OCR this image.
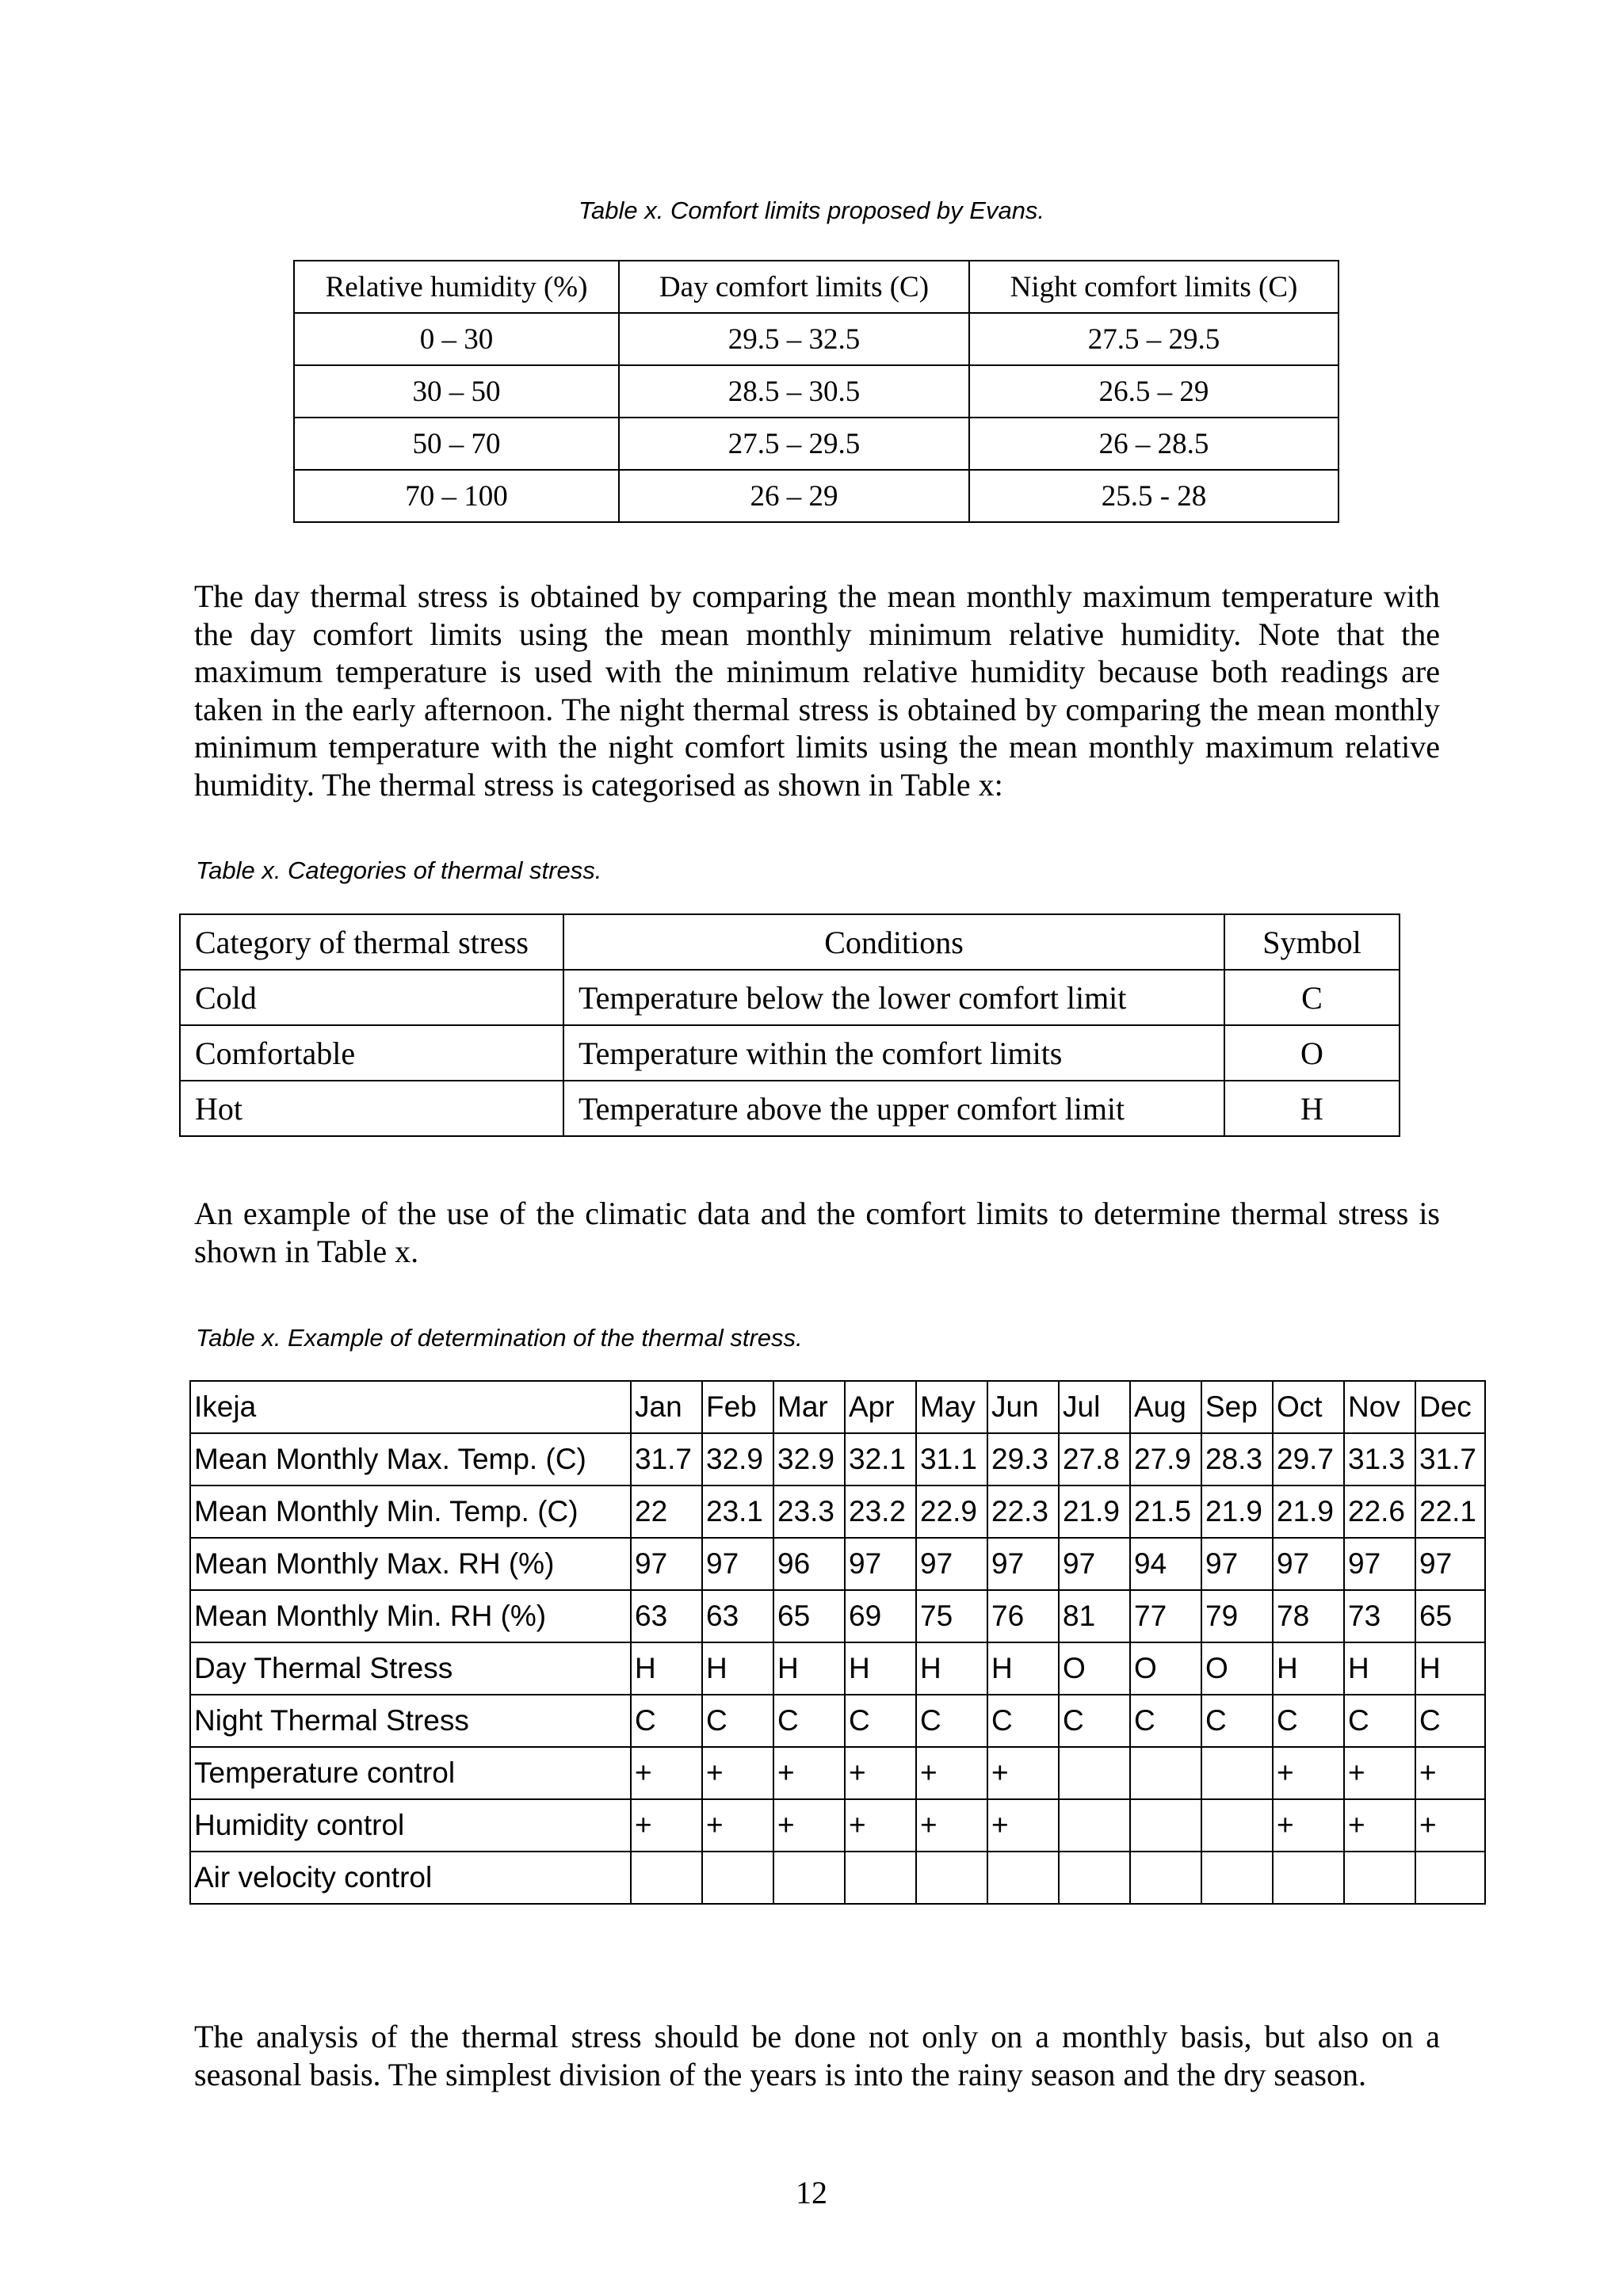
Table x. Comfort limits proposed by Evans.
Relative humidity (%)	Day comfort limits (C)	Night comfort limits (C)
0 – 30	29.5 – 32.5	27.5 – 29.5
30 – 50	28.5 – 30.5	26.5 – 29
50 – 70	27.5 – 29.5	26 – 28.5
70 – 100	26 – 29	25.5 - 28

The day thermal stress is obtained by comparing the mean monthly maximum temperature with the day comfort limits using the mean monthly minimum relative humidity. Note that the maximum temperature is used with the minimum relative humidity because both readings are taken in the early afternoon. The night thermal stress is obtained by comparing the mean monthly minimum temperature with the night comfort limits using the mean monthly maximum relative humidity. The thermal stress is categorised as shown in Table x:

Table x. Categories of thermal stress.
Category of thermal stress	Conditions	Symbol
Cold	Temperature below the lower comfort limit	C
Comfortable	Temperature within the comfort limits	O
Hot	Temperature above the upper comfort limit	H

An example of the use of the climatic data and the comfort limits to determine thermal stress is shown in Table x.

Table x. Example of determination of the thermal stress.
Ikeja	Jan	Feb	Mar	Apr	May	Jun	Jul	Aug	Sep	Oct	Nov	Dec
Mean Monthly Max. Temp. (C)	31.7	32.9	32.9	32.1	31.1	29.3	27.8	27.9	28.3	29.7	31.3	31.7
Mean Monthly Min. Temp. (C)	22	23.1	23.3	23.2	22.9	22.3	21.9	21.5	21.9	21.9	22.6	22.1
Mean Monthly Max. RH (%)	97	97	96	97	97	97	97	94	97	97	97	97
Mean Monthly Min. RH (%)	63	63	65	69	75	76	81	77	79	78	73	65
Day Thermal Stress	H	H	H	H	H	H	O	O	O	H	H	H
Night Thermal Stress	C	C	C	C	C	C	C	C	C	C	C	C
Temperature control	+	+	+	+	+	+				+	+	+
Humidity control	+	+	+	+	+	+				+	+	+
Air velocity control												

The analysis of the thermal stress should be done not only on a monthly basis, but also on a seasonal basis. The simplest division of the years is into the rainy season and the dry season.

12
